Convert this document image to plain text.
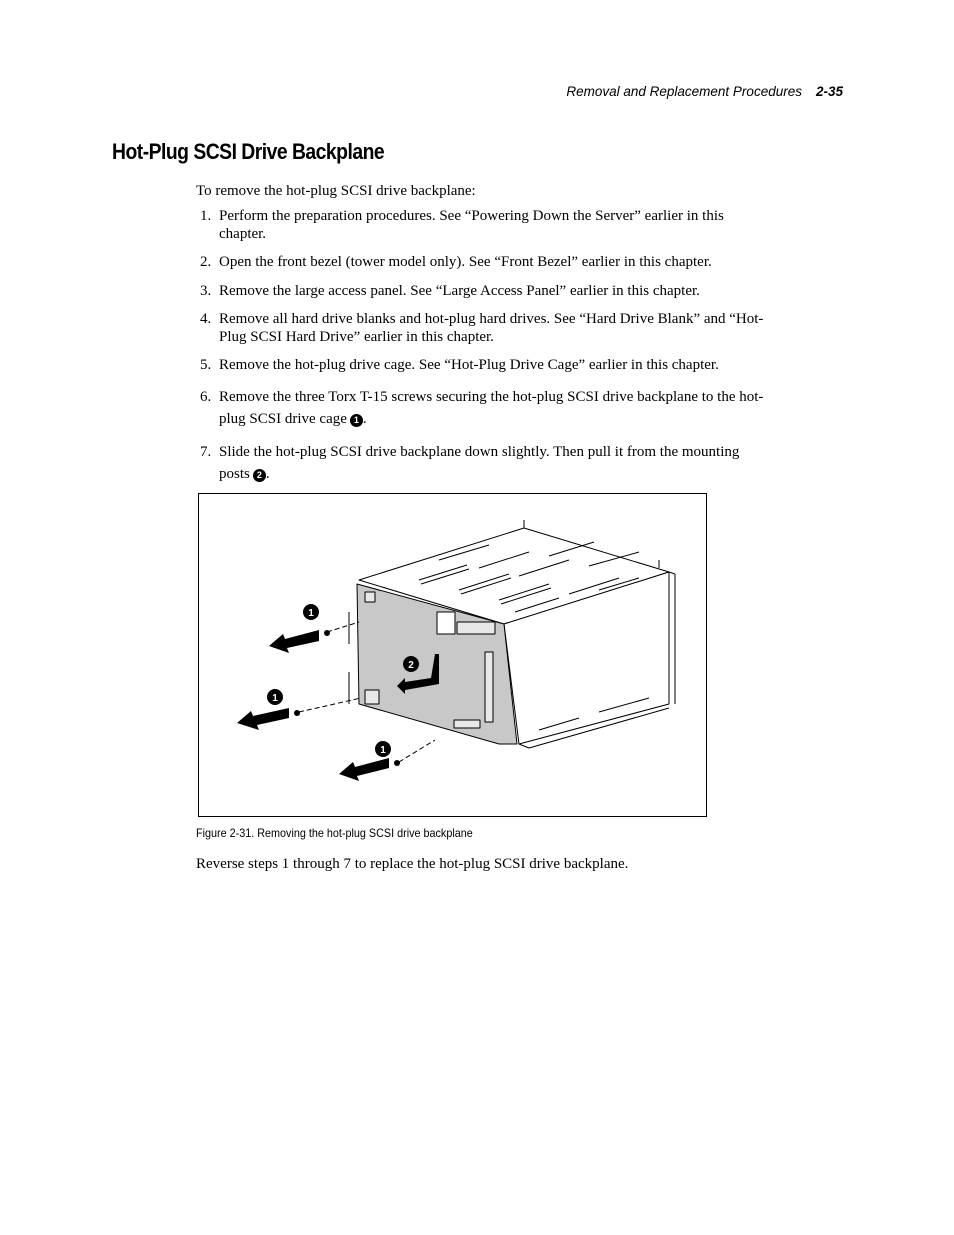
Removal and Replacement Procedures 2-35
Hot-Plug SCSI Drive Backplane

To remove the hot-plug SCSI drive backplane:

1. Perform the preparation procedures. See “Powering Down the Server” earlier in this chapter.
2. Open the front bezel (tower model only). See “Front Bezel” earlier in this chapter.
3. Remove the large access panel. See “Large Access Panel” earlier in this chapter.
4. Remove all hard drive blanks and hot-plug hard drives. See “Hard Drive Blank” and “Hot-Plug SCSI Hard Drive” earlier in this chapter.
5. Remove the hot-plug drive cage. See “Hot-Plug Drive Cage” earlier in this chapter.
6. Remove the three Torx T-15 screws securing the hot-plug SCSI drive backplane to the hot-plug SCSI drive cage 1 .
7. Slide the hot-plug SCSI drive backplane down slightly. Then pull it from the mounting posts 2 .
1
2
1
1

Figure 2-31. Removing the hot-plug SCSI drive backplane

Reverse steps 1 through 7 to replace the hot-plug SCSI drive backplane.
